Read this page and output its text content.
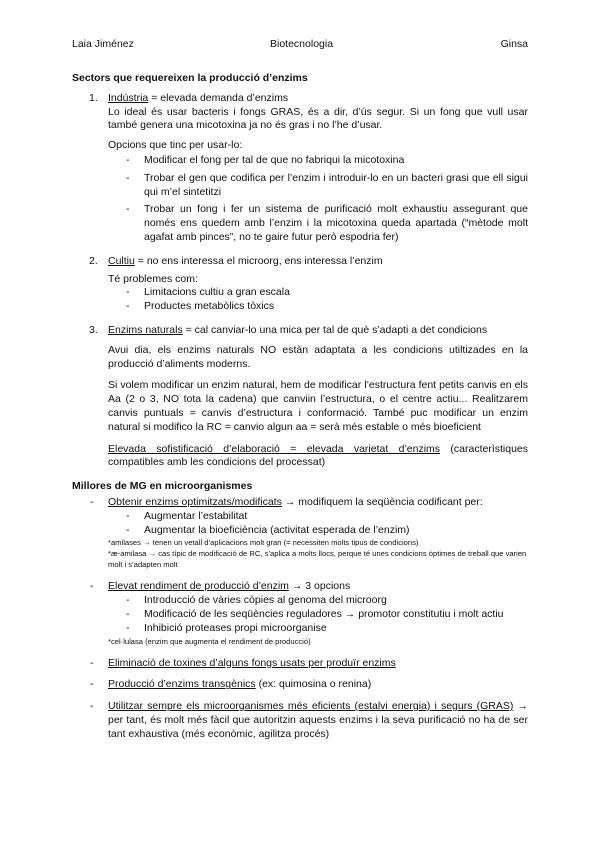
Laia Jiménez	Biotecnologia	Ginsa
Sectors que requereixen la producció d’enzims
1. Indústria = elevada demanda d’enzims

Lo ideal és usar bacteris i fongs GRAS, és a dir, d’ús segur. Si un fong que vull usar també genera una micotoxina ja no és gras i no l’he d’usar.

Opcions que tinc per usar-lo:

- Modificar el fong per tal de que no fabriqui la micotoxina
- Trobar el gen que codifica per l’enzim i introduir-lo en un bacteri grasi que ell sigui qui m’el sintetitzi
- Trobar un fong i fer un sistema de purificació molt exhaustiu assegurant que només ens quedem amb l’enzim i la micotoxina queda apartada (“mètode molt agafat amb pinces”, no te gaire futur però espodria fer)
2. Cultiu = no ens interessa el microorg, ens interessa l’enzim

Té problemes com:

- Limitacions cultiu a gran escala
- Productes metabòlics tòxics
3. Enzims naturals = cal canviar-lo una mica per tal de què s’adapti a det condicions

Avui dia, els enzims naturals NO estàn adaptata a les condicions utiltizades en la producció d’aliments moderns.

Si volem modificar un enzim natural, hem de modificar l’estructura fent petits canvis en els Aa (2 o 3, NO tota la cadena) que canviin l’estructura, o el centre actiu... Realitzarem canvis puntuals = canvis d’estructura i conformació. També puc modificar un enzim natural si modifico la RC = canvio algun aa = serà més estable o més bioeficient

Elevada sofistificació d’elaboració = elevada varietat d’enzims (caracterìstiques compatibles amb les condicions del processat)

Millores de MG en microorganismes
- Obtenir enzims optimitzats/modificats → modifiquem la seqüència codificant per:
- Augmentar l’estabilitat
- Augmentar la bioeficiència (activitat esperada de l’enzim)
*amilases → tenen un vetall d’aplicacions molt gran (= necessiten molts tipus de condicions)
*æ-amilasa → cas típic de modificació de RC, s’aplica a molts llocs, perque té unes condicions òptimes de treball que varien molt i s’adapten molt
- Elevat rendiment de producció d’enzim → 3 opcions
- Introducció de vàries còpies al genoma del microorg
- Modificació de les seqüències reguladores → promotor constitutiu i molt actiu
- Inhibició proteases propi microorganise
*cel·lulasa (enzim que augmenta el rendiment de producció)
- Eliminació de toxines d’alguns fongs usats per produïr enzims
- Producció d’enzims transgènics (ex: quimosina o renina)
- Utilitzar sempre els microorganismes més eficients (estalvi energia) i segurs (GRAS) → per tant, és molt més fàcil que autoritzin aquests enzims i la seva purificació no ha de ser tant exhaustiva (més econòmic, agilitza procés)
